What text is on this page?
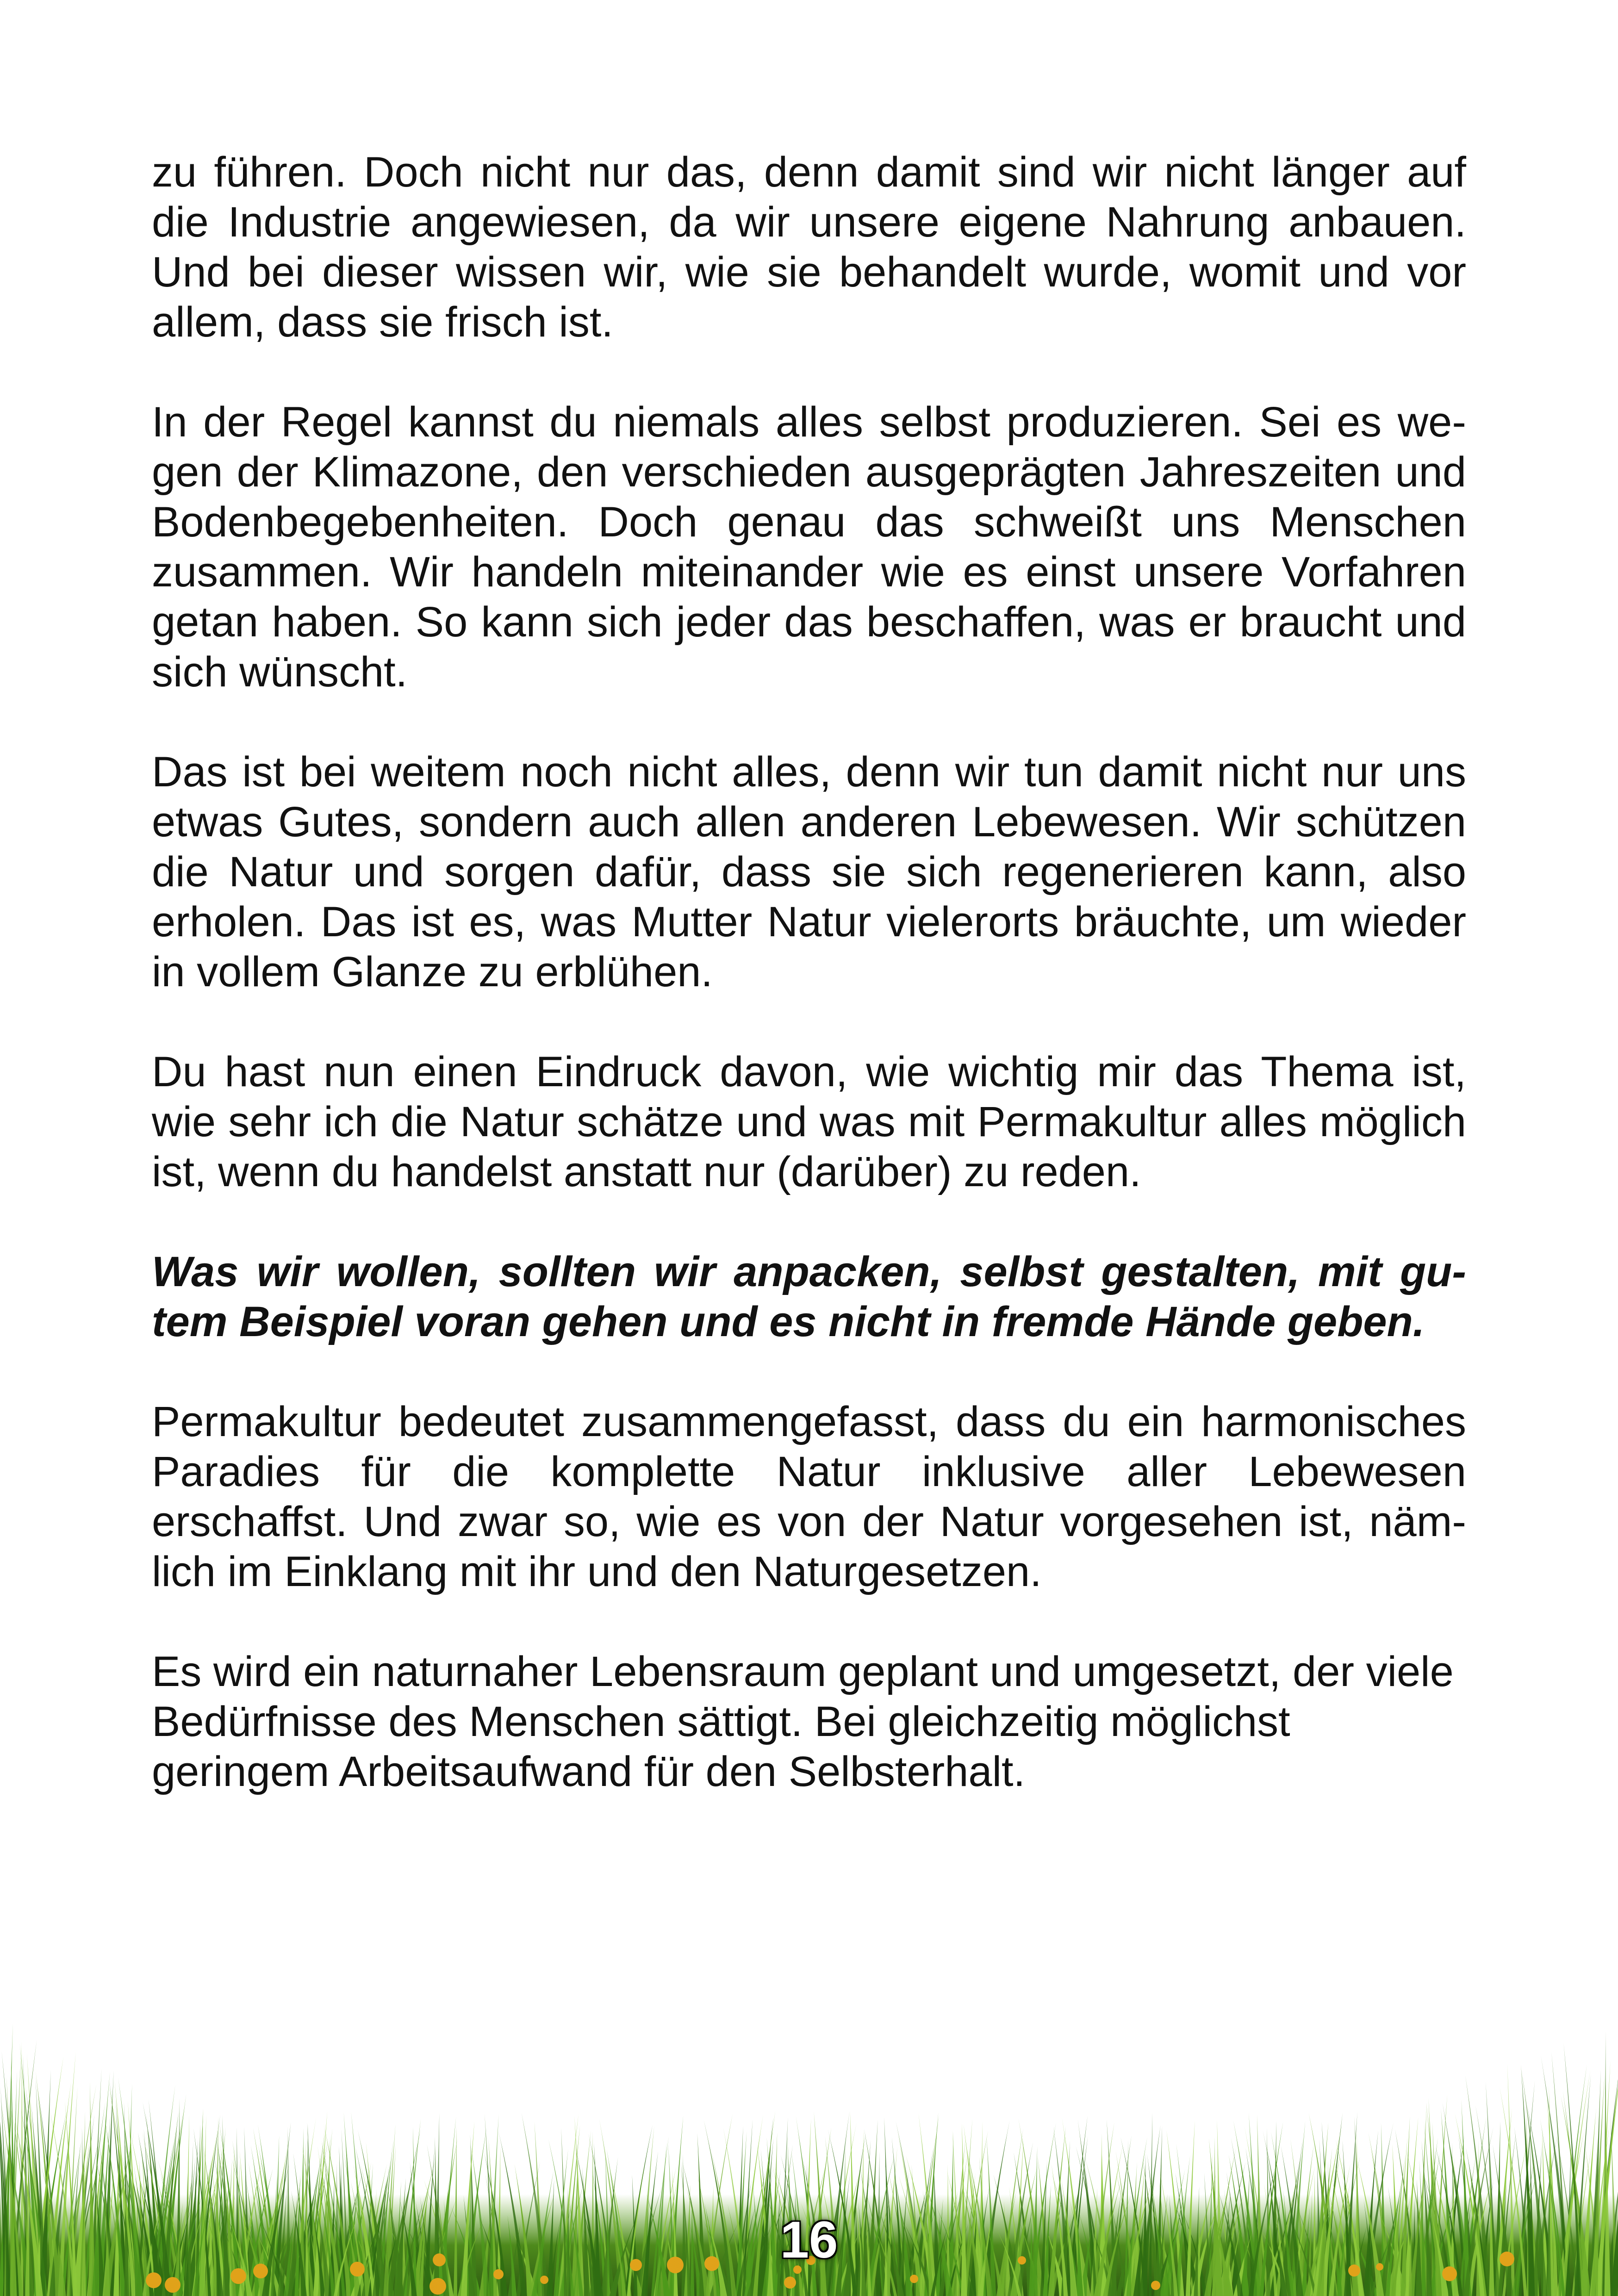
zu führen. Doch nicht nur das, denn damit sind wir nicht länger auf die Industrie angewiesen, da wir unsere eigene Nahrung anbauen. Und bei dieser wissen wir, wie sie behandelt wurde, womit und vor allem, dass sie frisch ist.

In der Regel kannst du niemals alles selbst produzieren. Sei es wegen der Klimazone, den verschieden ausgeprägten Jahreszeiten und Bodenbegebenheiten. Doch genau das schweißt uns Menschen zusammen. Wir handeln miteinander wie es einst unsere Vorfahren getan haben. So kann sich jeder das beschaffen, was er braucht und sich wünscht.

Das ist bei weitem noch nicht alles, denn wir tun damit nicht nur uns etwas Gutes, sondern auch allen anderen Lebewesen. Wir schützen die Natur und sorgen dafür, dass sie sich regenerieren kann, also erholen. Das ist es, was Mutter Natur vielerorts bräuchte, um wieder in vollem Glanze zu erblühen.

Du hast nun einen Eindruck davon, wie wichtig mir das Thema ist, wie sehr ich die Natur schätze und was mit Permakultur alles möglich ist, wenn du handelst anstatt nur (darüber) zu reden.

Was wir wollen, sollten wir anpacken, selbst gestalten, mit gutem Beispiel voran gehen und es nicht in fremde Hände geben.

Permakultur bedeutet zusammengefasst, dass du ein harmonisches Paradies für die komplette Natur inklusive aller Lebewesen erschaffst. Und zwar so, wie es von der Natur vorgesehen ist, nämlich im Einklang mit ihr und den Naturgesetzen.

Es wird ein naturnaher Lebensraum geplant und umgesetzt, der viele Bedürfnisse des Menschen sättigt. Bei gleichzeitig möglichst geringem Arbeitsaufwand für den Selbsterhalt.

16
